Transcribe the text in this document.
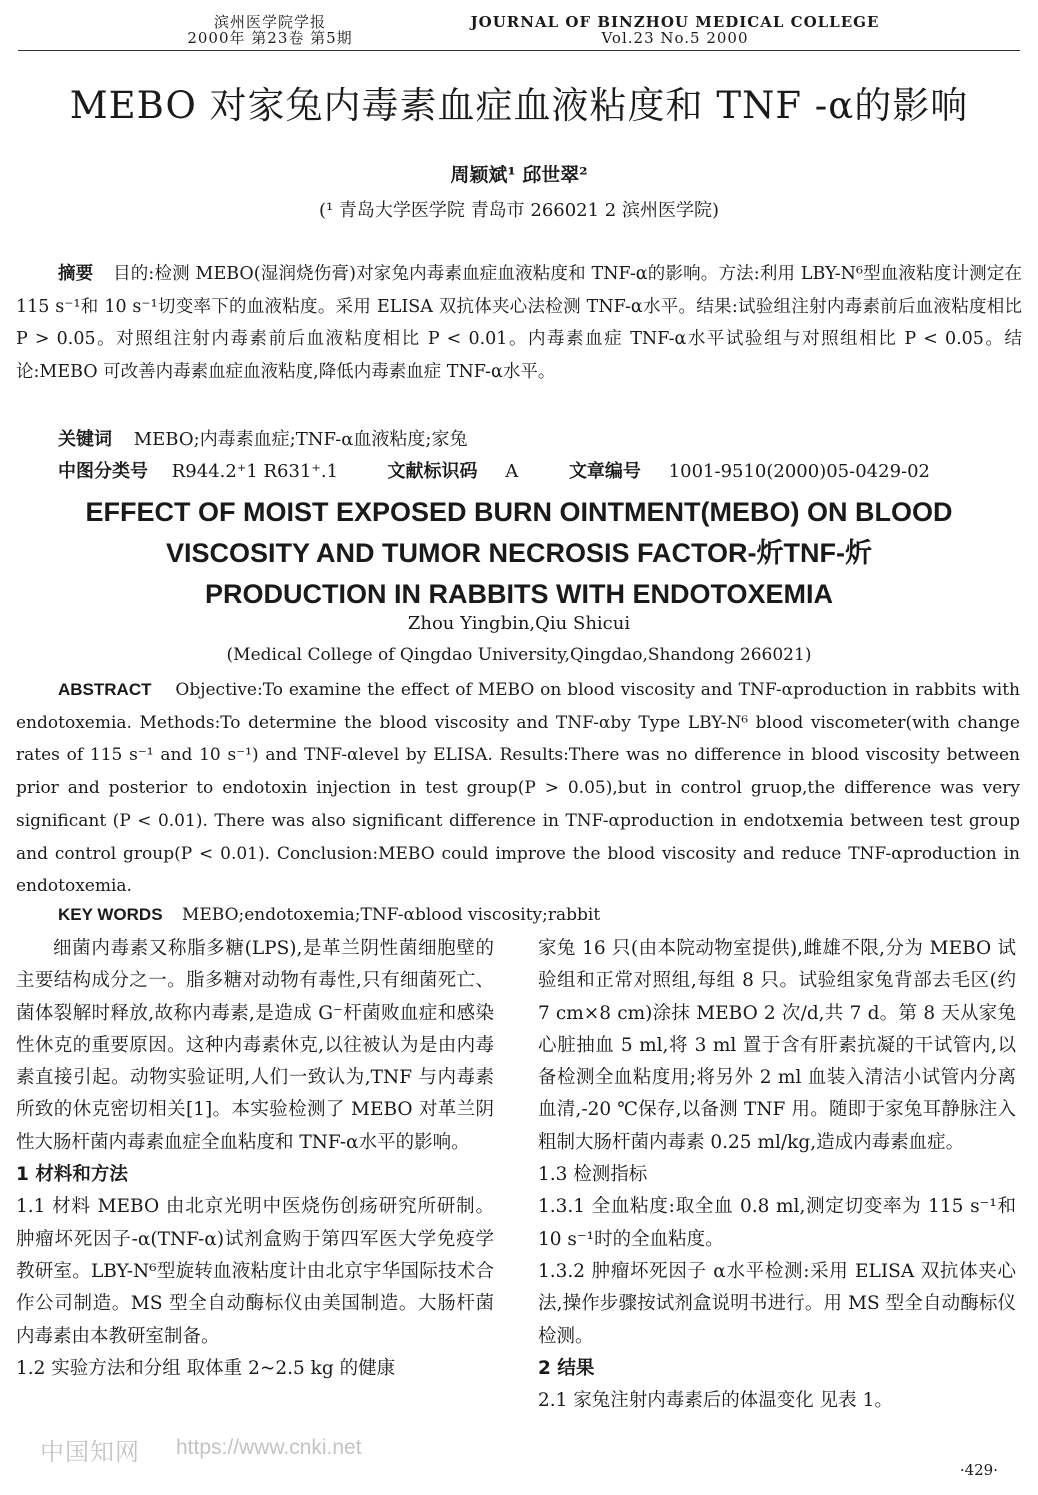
滨州医学院学报
2000年 第23卷 第5期
JOURNAL OF BINZHOU MEDICAL COLLEGE
Vol.23 No.5 2000
MEBO 对家兔内毒素血症血液粘度和 TNF -α的影响
周颖斌¹ 邱世翠²
(¹ 青岛大学医学院 青岛市 266021 2 滨州医学院)
摘要 目的:检测 MEBO(湿润烧伤膏)对家兔内毒素血症血液粘度和 TNF-α的影响。方法:利用 LBY-N⁶型血液粘度计测定在 115 s⁻¹和 10 s⁻¹切变率下的血液粘度。采用 ELISA 双抗体夹心法检测 TNF-α水平。结果:试验组注射内毒素前后血液粘度相比 P > 0.05。对照组注射内毒素前后血液粘度相比 P < 0.01。内毒素血症 TNF-α水平试验组与对照组相比 P < 0.05。结论:MEBO 可改善内毒素血症血液粘度,降低内毒素血症 TNF-α水平。
关键词 MEBO;内毒素血症;TNF-α血液粘度;家兔
中图分类号 R944.2⁺1 R631⁺.1	文献标识码 A	文章编号 1001-9510(2000)05-0429-02
EFFECT OF MOIST EXPOSED BURN OINTMENT(MEBO) ON BLOOD
VISCOSITY AND TUMOR NECROSIS FACTOR-炘TNF-炘
PRODUCTION IN RABBITS WITH ENDOTOXEMIA
Zhou Yingbin,Qiu Shicui
(Medical College of Qingdao University,Qingdao,Shandong 266021)
ABSTRACT Objective:To examine the effect of MEBO on blood viscosity and TNF-αproduction in rabbits with endotoxemia. Methods:To determine the blood viscosity and TNF-αby Type LBY-N⁶ blood viscometer(with change rates of 115 s⁻¹ and 10 s⁻¹) and TNF-αlevel by ELISA. Results:There was no difference in blood viscosity between prior and posterior to endotoxin injection in test group(P > 0.05),but in control gruop,the difference was very significant (P < 0.01). There was also significant difference in TNF-αproduction in endotxemia between test group and control group(P < 0.01). Conclusion:MEBO could improve the blood viscosity and reduce TNF-αproduction in endotoxemia.
KEY WORDS MEBO;endotoxemia;TNF-αblood viscosity;rabbit

细菌内毒素又称脂多糖(LPS),是革兰阴性菌细胞壁的主要结构成分之一。脂多糖对动物有毒性,只有细菌死亡、菌体裂解时释放,故称内毒素,是造成 G⁻杆菌败血症和感染性休克的重要原因。这种内毒素休克,以往被认为是由内毒素直接引起。动物实验证明,人们一致认为,TNF 与内毒素所致的休克密切相关[1]。本实验检测了 MEBO 对革兰阴性大肠杆菌内毒素血症全血粘度和 TNF-α水平的影响。

1 材料和方法

1.1 材料 MEBO 由北京光明中医烧伤创疡研究所研制。肿瘤坏死因子-α(TNF-α)试剂盒购于第四军医大学免疫学教研室。LBY-N⁶型旋转血液粘度计由北京宇华国际技术合作公司制造。MS 型全自动酶标仪由美国制造。大肠杆菌内毒素由本教研室制备。

1.2 实验方法和分组 取体重 2~2.5 kg 的健康

家兔 16 只(由本院动物室提供),雌雄不限,分为 MEBO 试验组和正常对照组,每组 8 只。试验组家兔背部去毛区(约 7 cm×8 cm)涂抹 MEBO 2 次/d,共 7 d。第 8 天从家兔心脏抽血 5 ml,将 3 ml 置于含有肝素抗凝的干试管内,以备检测全血粘度用;将另外 2 ml 血装入清洁小试管内分离血清,-20 ℃保存,以备测 TNF 用。随即于家兔耳静脉注入粗制大肠杆菌内毒素 0.25 ml/kg,造成内毒素血症。

1.3 检测指标

1.3.1 全血粘度:取全血 0.8 ml,测定切变率为 115 s⁻¹和 10 s⁻¹时的全血粘度。

1.3.2 肿瘤坏死因子 α水平检测:采用 ELISA 双抗体夹心法,操作步骤按试剂盒说明书进行。用 MS 型全自动酶标仪检测。

2 结果

2.1 家兔注射内毒素后的体温变化 见表 1。

中国知网 https://www.cnki.net
·429·
